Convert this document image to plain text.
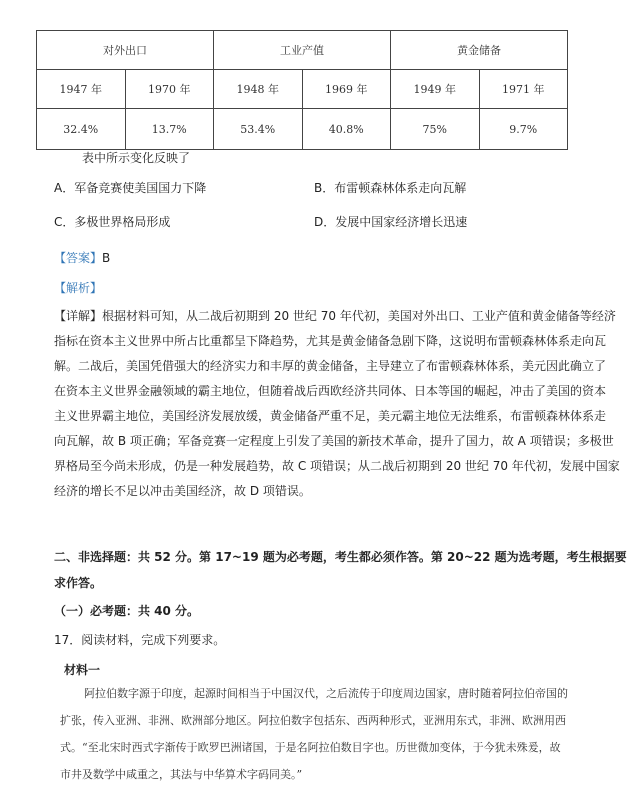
对外出口		工业产值		黄金储备	
1947 年	1970 年	1948 年	1969 年	1949 年	1971 年
32.4%	13.7%	53.4%	40.8%	75%	9.7%
表中所示变化反映了
A．军备竞赛使美国国力下降	B．布雷顿森林体系走向瓦解
C．多极世界格局形成	D．发展中国家经济增长迅速
【答案】B
【解析】
【详解】根据材料可知，从二战后初期到 20 世纪 70 年代初，美国对外出口、工业产值和黄金储备等经济
指标在资本主义世界中所占比重都呈下降趋势，尤其是黄金储备急剧下降，这说明布雷顿森林体系走向瓦
解。二战后，美国凭借强大的经济实力和丰厚的黄金储备，主导建立了布雷顿森林体系，美元因此确立了
在资本主义世界金融领域的霸主地位，但随着战后西欧经济共同体、日本等国的崛起，冲击了美国的资本
主义世界霸主地位，美国经济发展放缓，黄金储备严重不足，美元霸主地位无法维系，布雷顿森林体系走
向瓦解，故 B 项正确；军备竞赛一定程度上引发了美国的新技术革命，提升了国力，故 A 项错误；多极世
界格局至今尚未形成，仍是一种发展趋势，故 C 项错误；从二战后初期到 20 世纪 70 年代初，发展中国家
经济的增长不足以冲击美国经济，故 D 项错误。
二、非选择题：共 52 分。第 17~19 题为必考题，考生都必须作答。第 20~22 题为选考题，考生根据要
求作答。
（一）必考题：共 40 分。
17．阅读材料，完成下列要求。
材料一
阿拉伯数字源于印度，起源时间相当于中国汉代，之后流传于印度周边国家，唐时随着阿拉伯帝国的
扩张，传入亚洲、非洲、欧洲部分地区。阿拉伯数字包括东、西两种形式，亚洲用东式，非洲、欧洲用西
式。“至北宋时西式字渐传于欧罗巴洲诸国，于是名阿拉伯数目字也。历世微加变体，于今犹未殊爰，故
市井及数学中咸重之，其法与中华算术字码同美。”
